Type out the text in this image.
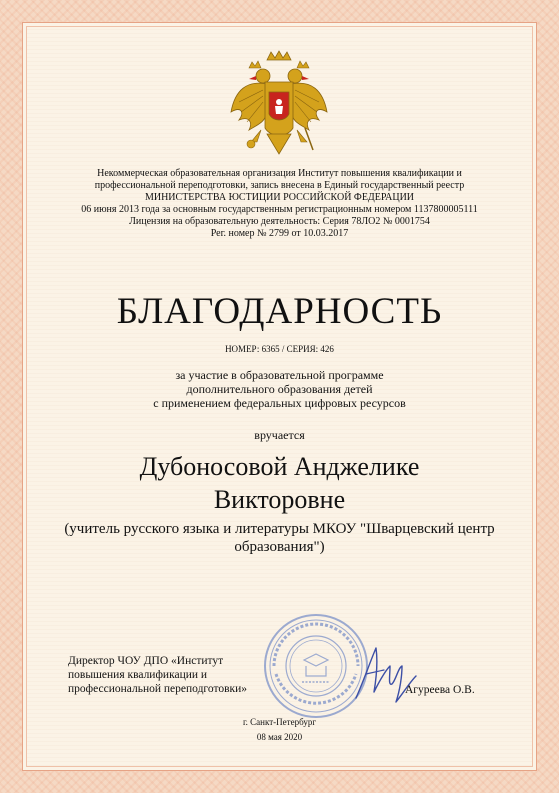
Некоммерческая образовательная организация Институт повышения квалификации и
профессиональной переподготовки, запись внесена в Единый государственный реестр
МИНИСТЕРСТВА ЮСТИЦИИ РОССИЙСКОЙ ФЕДЕРАЦИИ
06 июня 2013 года за основным государственным регистрационным номером 1137800005111
Лицензия на образовательную деятельность: Серия 78ЛО2 № 0001754
Рег. номер № 2799 от 10.03.2017
БЛАГОДАРНОСТЬ
НОМЕР: 6365 / СЕРИЯ: 426
за участие в образовательной программе
дополнительного образования детей
с применением федеральных цифровых ресурсов
вручается
Дубоносовой Анджелике
Викторовне
(учитель русского языка и литературы МКОУ "Шварцевский центр
образования")
Директор ЧОУ ДПО «Институт
повышения квалификации и
профессиональной переподготовки»	Агуреева О.В.
г. Санкт-Петербург
08 мая 2020
